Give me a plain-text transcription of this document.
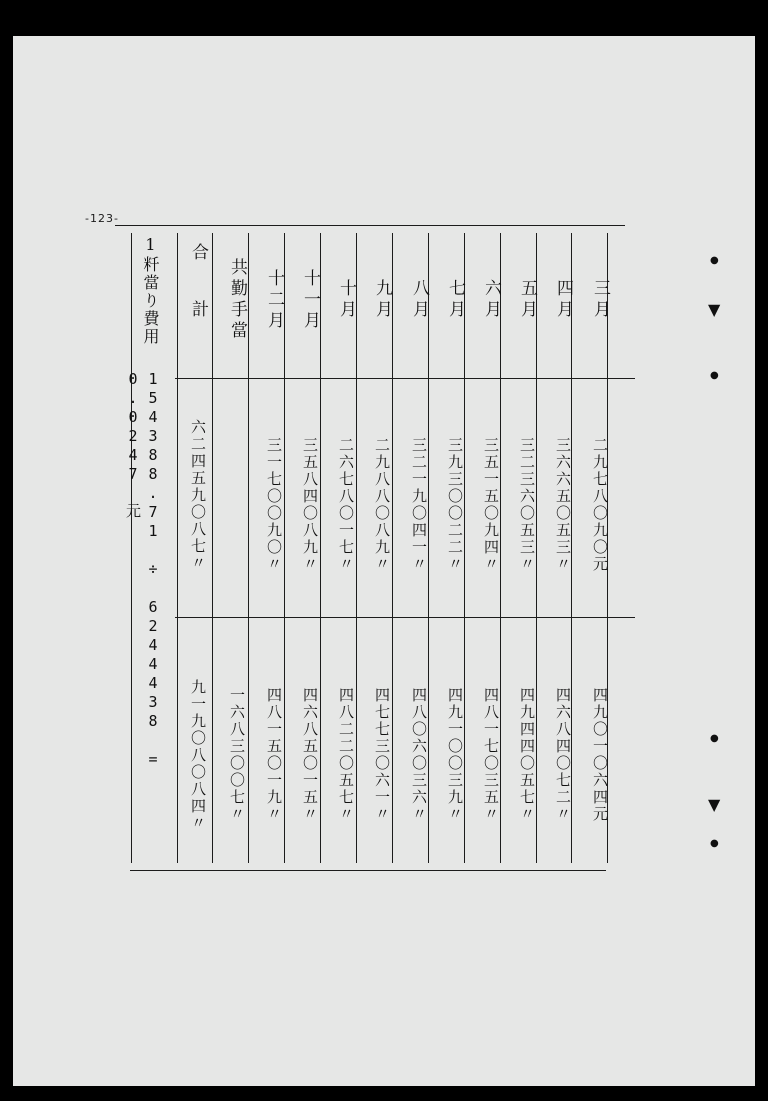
-123-
三月
二九七八〇九〇元
四九〇一〇六四元
四月
三六六五〇五三〃
四六八四〇七二〃
五月
三二三六〇五三〃
四九四四〇五七〃
六月
三五一五〇九四〃
四八一七〇三五〃
七月
三九三〇〇二二〃
四九一〇〇三九〃
八月
三二一九〇四一〃
四八〇六〇三六〃
九月
二九八八〇八九〃
四七七三〇六一〃
十月
二六七八〇一七〃
四八二二〇五七〃
十一月
三五八四〇八九〃
四六八五〇一五〃
十二月
三一七〇〇九〇〃
四八一五〇一九〃
共勤手當
一六八三〇〇七〃
合計
六二四五九〇八七〃
九一九〇八〇八四〃
1粁當り費用
154388.71 ÷ 6244438 = 0.0247 元
▼
▼
●
●
●
●
